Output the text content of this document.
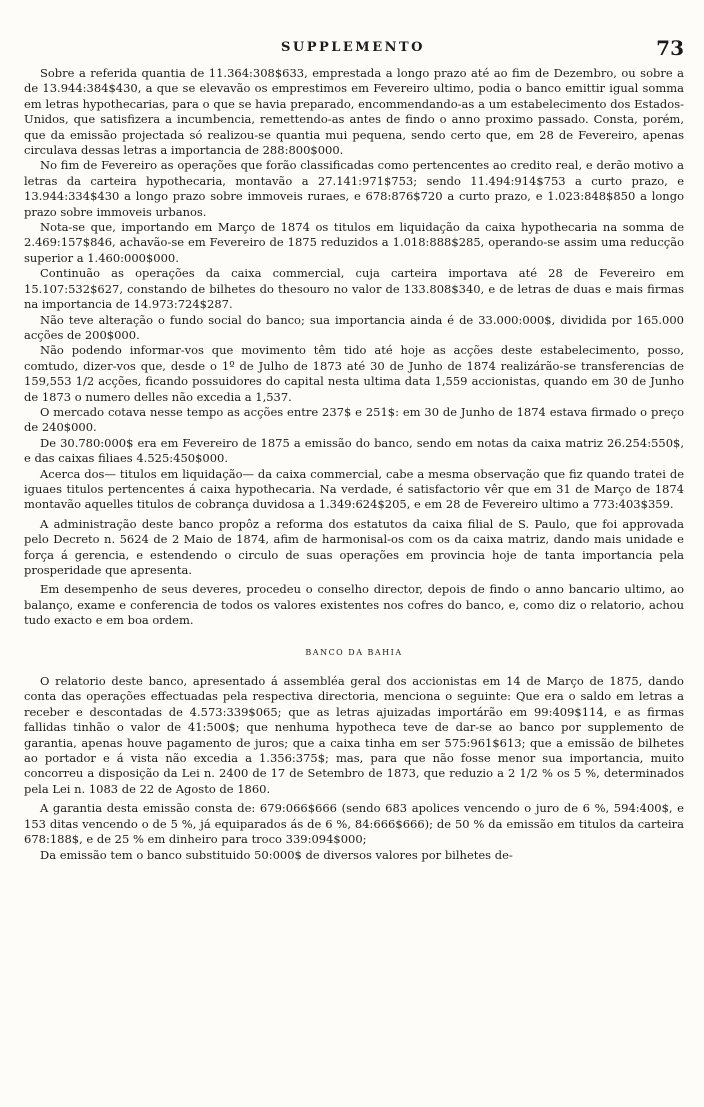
SUPPLEMENTO	73

Sobre a referida quantia de 11.364:308$633, emprestada a longo prazo até ao fim de Dezembro, ou sobre a de 13.944:384$430, a que se elevavão os emprestimos em Fevereiro ultimo, podia o banco emittir igual somma em letras hypothecarias, para o que se havia preparado, encommendando-as a um estabelecimento dos Estados-Unidos, que satisfizera a incumbencia, remettendo-as antes de findo o anno proximo passado. Consta, porém, que da emissão projectada só realizou-se quantia mui pequena, sendo certo que, em 28 de Fevereiro, apenas circulava dessas letras a importancia de 288:800$000.

No fim de Fevereiro as operações que forão classificadas como pertencentes ao credito real, e derão motivo a letras da carteira hypothecaria, montavão a 27.141:971$753; sendo 11.494:914$753 a curto prazo, e 13.944:334$430 a longo prazo sobre immoveis ruraes, e 678:876$720 a curto prazo, e 1.023:848$850 a longo prazo sobre immoveis urbanos.

Nota-se que, importando em Março de 1874 os titulos em liquidação da caixa hypothecaria na somma de 2.469:157$846, achavão-se em Fevereiro de 1875 reduzidos a 1.018:888$285, operando-se assim uma reducção superior a 1.460:000$000.

Continuão as operações da caixa commercial, cuja carteira importava até 28 de Fevereiro em 15.107:532$627, constando de bilhetes do thesouro no valor de 133.808$340, e de letras de duas e mais firmas na importancia de 14.973:724$287.

Não teve alteração o fundo social do banco; sua importancia ainda é de 33.000:000$, dividida por 165.000 acções de 200$000.

Não podendo informar-vos que movimento têm tido até hoje as acções deste estabelecimento, posso, comtudo, dizer-vos que, desde o 1º de Julho de 1873 até 30 de Junho de 1874 realizárão-se transferencias de 159,553 1/2 acções, ficando possuidores do capital nesta ultima data 1,559 accionistas, quando em 30 de Junho de 1873 o numero delles não excedia a 1,537.

O mercado cotava nesse tempo as acções entre 237$ e 251$: em 30 de Junho de 1874 estava firmado o preço de 240$000.

De 30.780:000$ era em Fevereiro de 1875 a emissão do banco, sendo em notas da caixa matriz 26.254:550$, e das caixas filiaes 4.525:450$000.

Acerca dos— titulos em liquidação— da caixa commercial, cabe a mesma observação que fiz quando tratei de iguaes titulos pertencentes á caixa hypothecaria. Na verdade, é satisfactorio vêr que em 31 de Março de 1874 montavão aquelles titulos de cobrança duvidosa a 1.349:624$205, e em 28 de Fevereiro ultimo a 773:403$359.

A administração deste banco propôz a reforma dos estatutos da caixa filial de S. Paulo, que foi approvada pelo Decreto n. 5624 de 2 Maio de 1874, afim de harmonisal-os com os da caixa matriz, dando mais unidade e força á gerencia, e estendendo o circulo de suas operações em provincia hoje de tanta importancia pela prosperidade que apresenta.

Em desempenho de seus deveres, procedeu o conselho director, depois de findo o anno bancario ultimo, ao balanço, exame e conferencia de todos os valores existentes nos cofres do banco, e, como diz o relatorio, achou tudo exacto e em boa ordem.

BANCO DA BAHIA

O relatorio deste banco, apresentado á assembléa geral dos accionistas em 14 de Março de 1875, dando conta das operações effectuadas pela respectiva directoria, menciona o seguinte: Que era o saldo em letras a receber e descontadas de 4.573:339$065; que as letras ajuizadas importárão em 99:409$114, e as firmas fallidas tinhão o valor de 41:500$; que nenhuma hypotheca teve de dar-se ao banco por supplemento de garantia, apenas houve pagamento de juros; que a caixa tinha em ser 575:961$613; que a emissão de bilhetes ao portador e á vista não excedia a 1.356:375$; mas, para que não fosse menor sua importancia, muito concorreu a disposição da Lei n. 2400 de 17 de Setembro de 1873, que reduzio a 2 1/2 % os 5 %, determinados pela Lei n. 1083 de 22 de Agosto de 1860.

A garantia desta emissão consta de: 679:066$666 (sendo 683 apolices vencendo o juro de 6 %, 594:400$, e 153 ditas vencendo o de 5 %, já equiparados ás de 6 %, 84:666$666); de 50 % da emissão em titulos da carteira 678:188$, e de 25 % em dinheiro para troco 339:094$000;

Da emissão tem o banco substituido 50:000$ de diversos valores por bilhetes de-
